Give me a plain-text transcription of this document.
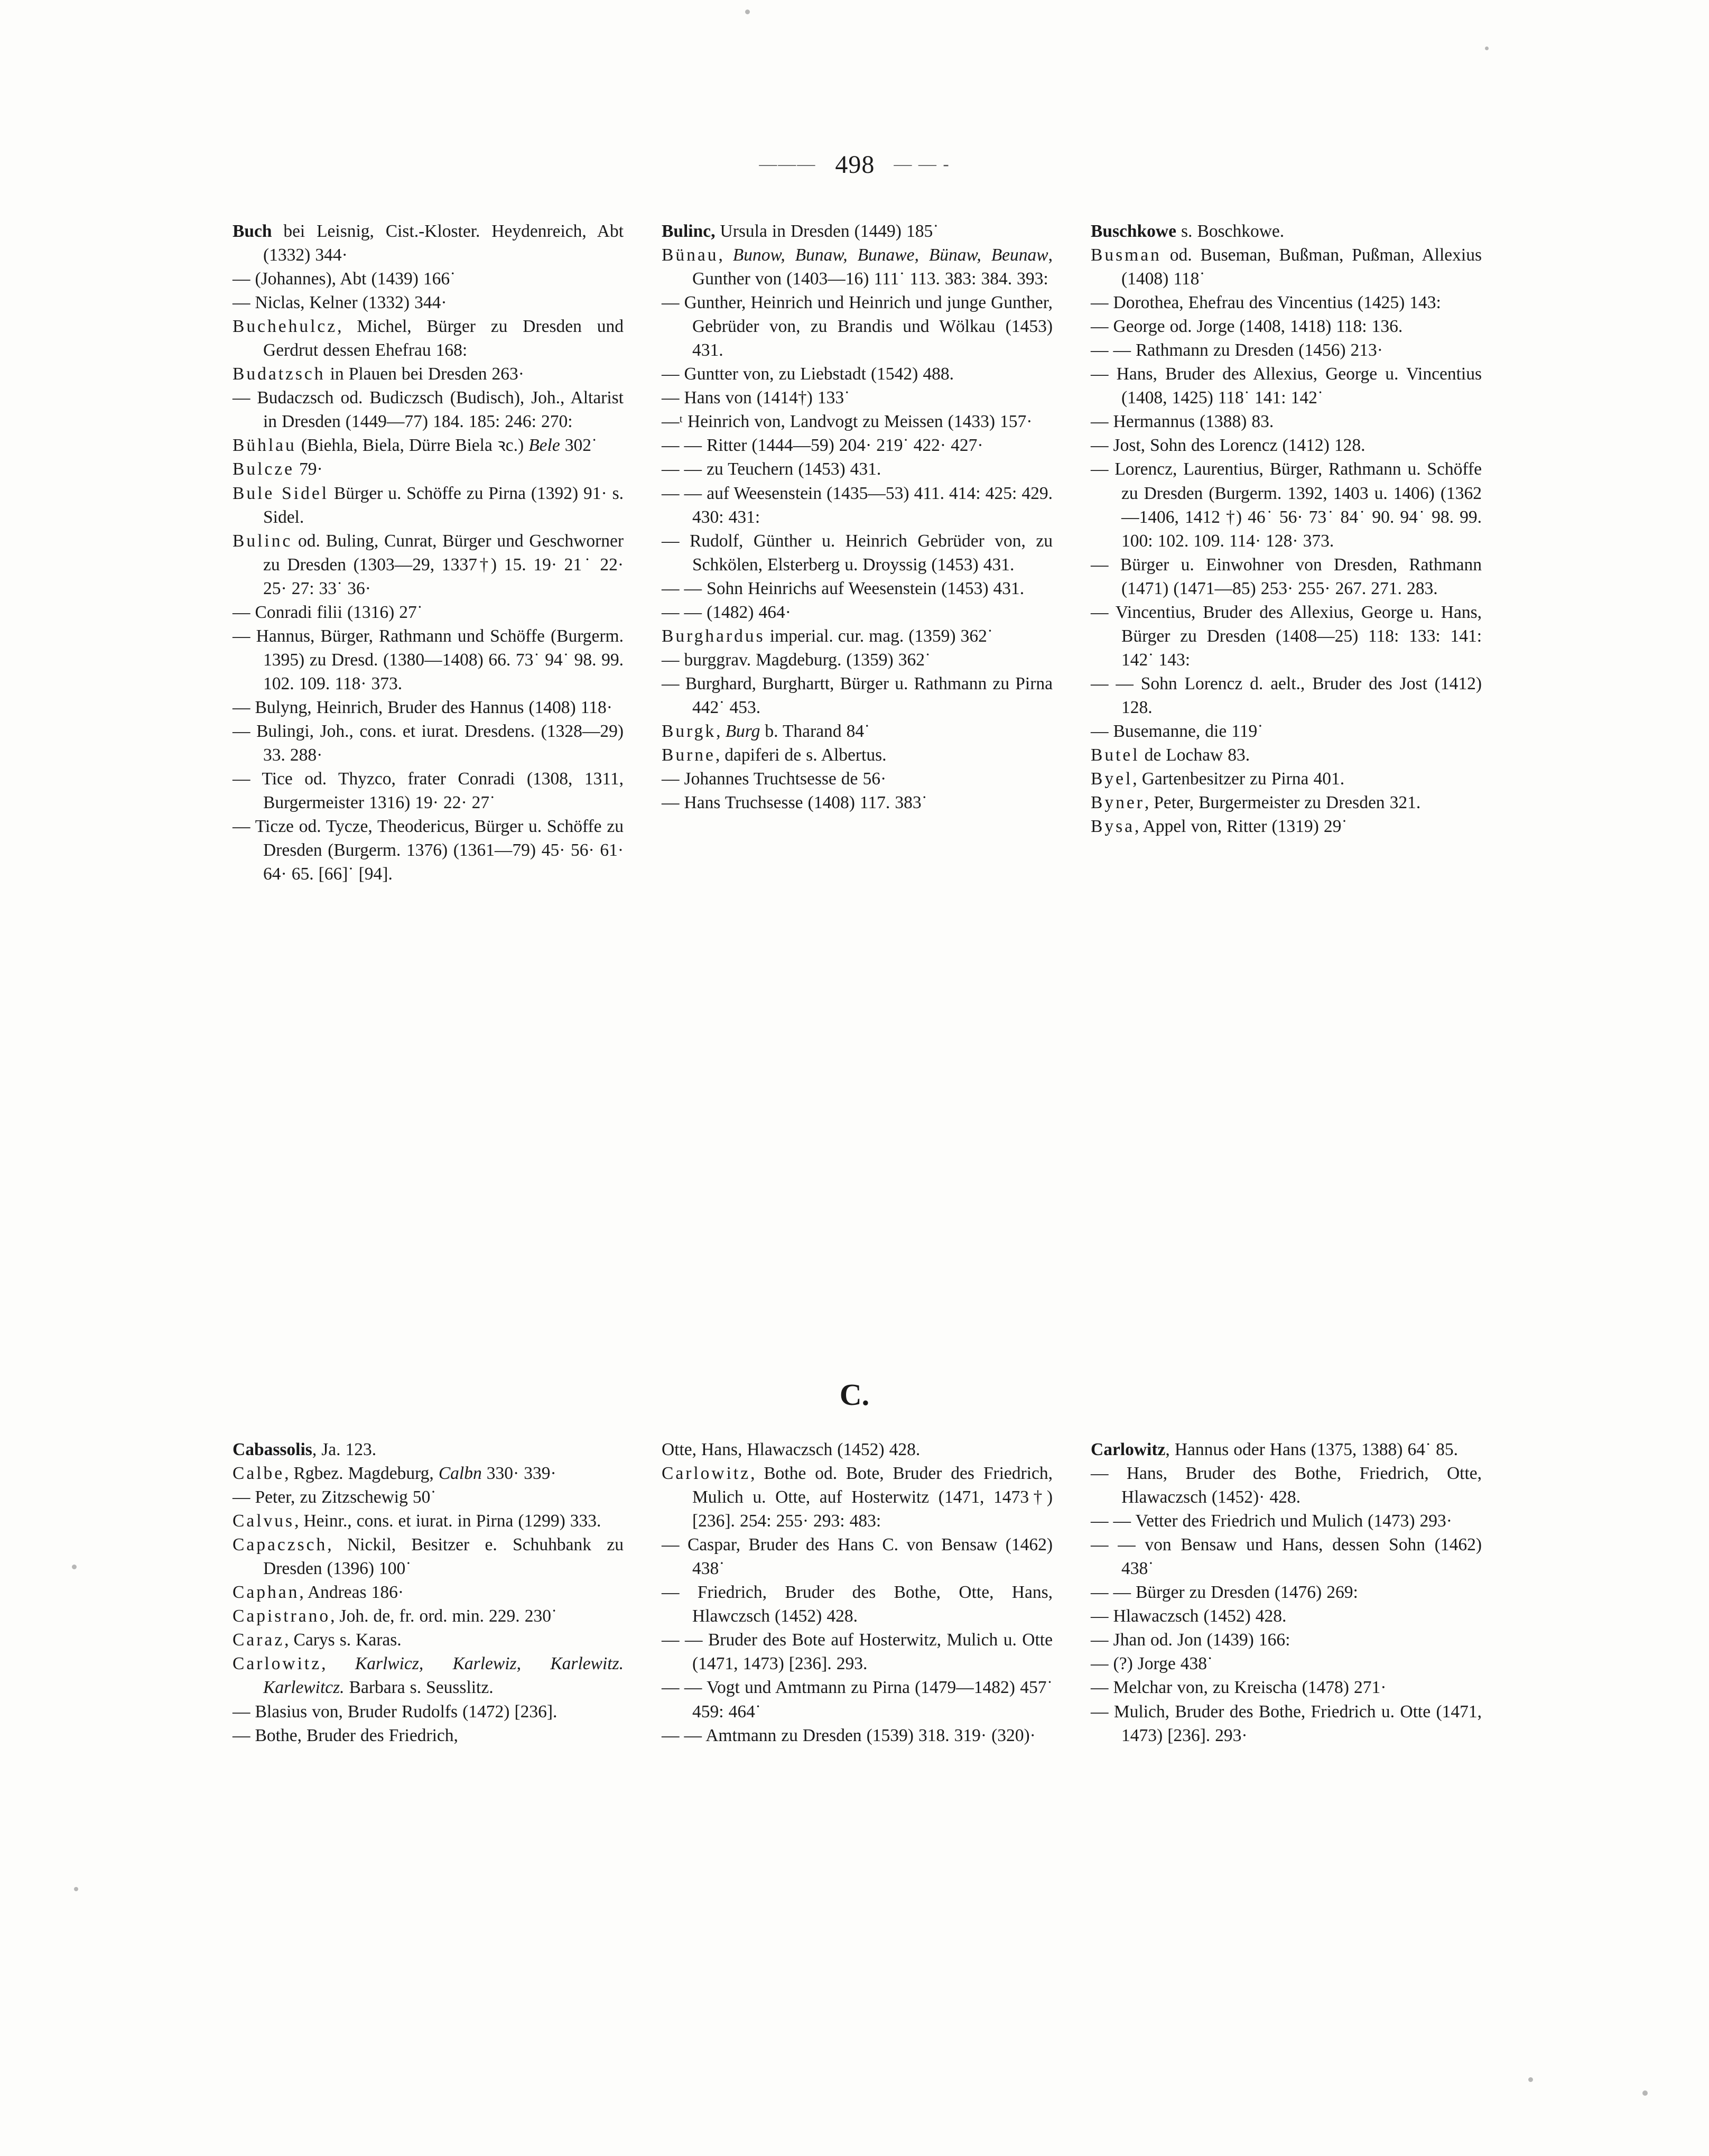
——— 498 — — -

Buch bei Leisnig, Cist.-Kloster. Heydenreich, Abt (1332) 344·

— (Johannes), Abt (1439) 166˙

— Niclas, Kelner (1332) 344·

Buchehulcz, Michel, Bürger zu Dresden und Gerdrut dessen Ehefrau 168:

Budatzsch in Plauen bei Dresden 263·

— Budaczsch od. Budiczsch (Budisch), Joh., Altarist in Dresden (1449—77) 184. 185: 246: 270:

Bühlau (Biehla, Biela, Dürre Biela ꝛc.) Bele 302˙

Bulcze 79·

Bule Sidel Bürger u. Schöffe zu Pirna (1392) 91· s. Sidel.

Bulinc od. Buling, Cunrat, Bürger und Geschworner zu Dresden (1303—29, 1337†) 15. 19· 21˙ 22· 25· 27: 33˙ 36·

— Conradi filii (1316) 27˙

— Hannus, Bürger, Rathmann und Schöffe (Burgerm. 1395) zu Dresd. (1380—1408) 66. 73˙ 94˙ 98. 99. 102. 109. 118· 373.

— Bulyng, Heinrich, Bruder des Hannus (1408) 118·

— Bulingi, Joh., cons. et iurat. Dresdens. (1328—29) 33. 288·

— Tice od. Thyzco, frater Conradi (1308, 1311, Burgermeister 1316) 19· 22· 27˙

— Ticze od. Tycze, Theodericus, Bürger u. Schöffe zu Dresden (Burgerm. 1376) (1361—79) 45· 56· 61· 64· 65. [66]˙ [94].

Bulinc, Ursula in Dresden (1449) 185˙

Bünau, Bunow, Bunaw, Bunawe, Bünaw, Beunaw, Gunther von (1403—16) 111˙ 113. 383: 384. 393:

— Gunther, Heinrich und Heinrich und junge Gunther, Gebrüder von, zu Brandis und Wölkau (1453) 431.

— Guntter von, zu Liebstadt (1542) 488.

— Hans von (1414†) 133˙

—ᵗ Heinrich von, Landvogt zu Meissen (1433) 157·

— — Ritter (1444—59) 204· 219˙ 422· 427·

— — zu Teuchern (1453) 431.

— — auf Weesenstein (1435—53) 411. 414: 425: 429. 430: 431:

— Rudolf, Günther u. Heinrich Gebrüder von, zu Schkölen, Elsterberg u. Droyssig (1453) 431.

— — Sohn Heinrichs auf Weesenstein (1453) 431.

— — (1482) 464·

Burghardus imperial. cur. mag. (1359) 362˙

— burggrav. Magdeburg. (1359) 362˙

— Burghard, Burghartt, Bürger u. Rathmann zu Pirna 442˙ 453.

Burgk, Burg b. Tharand 84˙

Burne, dapiferi de s. Albertus.

— Johannes Truchtsesse de 56·

— Hans Truchsesse (1408) 117. 383˙

Buschkowe s. Boschkowe.

Busman od. Buseman, Bußman, Pußman, Allexius (1408) 118˙

— Dorothea, Ehefrau des Vincentius (1425) 143:

— George od. Jorge (1408, 1418) 118: 136.

— — Rathmann zu Dresden (1456) 213·

— Hans, Bruder des Allexius, George u. Vincentius (1408, 1425) 118˙ 141: 142˙

— Hermannus (1388) 83.

— Jost, Sohn des Lorencz (1412) 128.

— Lorencz, Laurentius, Bürger, Rathmann u. Schöffe zu Dresden (Burgerm. 1392, 1403 u. 1406) (1362—1406, 1412 †) 46˙ 56· 73˙ 84˙ 90. 94˙ 98. 99. 100: 102. 109. 114· 128· 373.

— Bürger u. Einwohner von Dresden, Rathmann (1471) (1471—85) 253· 255· 267. 271. 283.

— Vincentius, Bruder des Allexius, George u. Hans, Bürger zu Dresden (1408—25) 118: 133: 141: 142˙ 143:

— — Sohn Lorencz d. aelt., Bruder des Jost (1412) 128.

— Busemanne, die 119˙

Butel de Lochaw 83.

Byel, Gartenbesitzer zu Pirna 401.

Byner, Peter, Burgermeister zu Dresden 321.

Bysa, Appel von, Ritter (1319) 29˙

C.

Cabassolis, Ja. 123.

Calbe, Rgbez. Magdeburg, Calbn 330· 339·

— Peter, zu Zitzschewig 50˙

Calvus, Heinr., cons. et iurat. in Pirna (1299) 333.

Capaczsch, Nickil, Besitzer e. Schuhbank zu Dresden (1396) 100˙

Caphan, Andreas 186·

Capistrano, Joh. de, fr. ord. min. 229. 230˙

Caraz, Carys s. Karas.

Carlowitz, Karlwicz, Karlewiz, Karlewitz. Karlewitcz. Barbara s. Seusslitz.

— Blasius von, Bruder Rudolfs (1472) [236].

— Bothe, Bruder des Friedrich,

Otte, Hans, Hlawaczsch (1452) 428.

Carlowitz, Bothe od. Bote, Bruder des Friedrich, Mulich u. Otte, auf Hosterwitz (1471, 1473†) [236]. 254: 255· 293: 483:

— Caspar, Bruder des Hans C. von Bensaw (1462) 438˙

— Friedrich, Bruder des Bothe, Otte, Hans, Hlawczsch (1452) 428.

— — Bruder des Bote auf Hosterwitz, Mulich u. Otte (1471, 1473) [236]. 293.

— — Vogt und Amtmann zu Pirna (1479—1482) 457˙ 459: 464˙

— — Amtmann zu Dresden (1539) 318. 319· (320)·

Carlowitz, Hannus oder Hans (1375, 1388) 64˙ 85.

— Hans, Bruder des Bothe, Friedrich, Otte, Hlawaczsch (1452)· 428.

— — Vetter des Friedrich und Mulich (1473) 293·

— — von Bensaw und Hans, dessen Sohn (1462) 438˙

— — Bürger zu Dresden (1476) 269:

— Hlawaczsch (1452) 428.

— Jhan od. Jon (1439) 166:

— (?) Jorge 438˙

— Melchar von, zu Kreischa (1478) 271·

— Mulich, Bruder des Bothe, Friedrich u. Otte (1471, 1473) [236]. 293·
